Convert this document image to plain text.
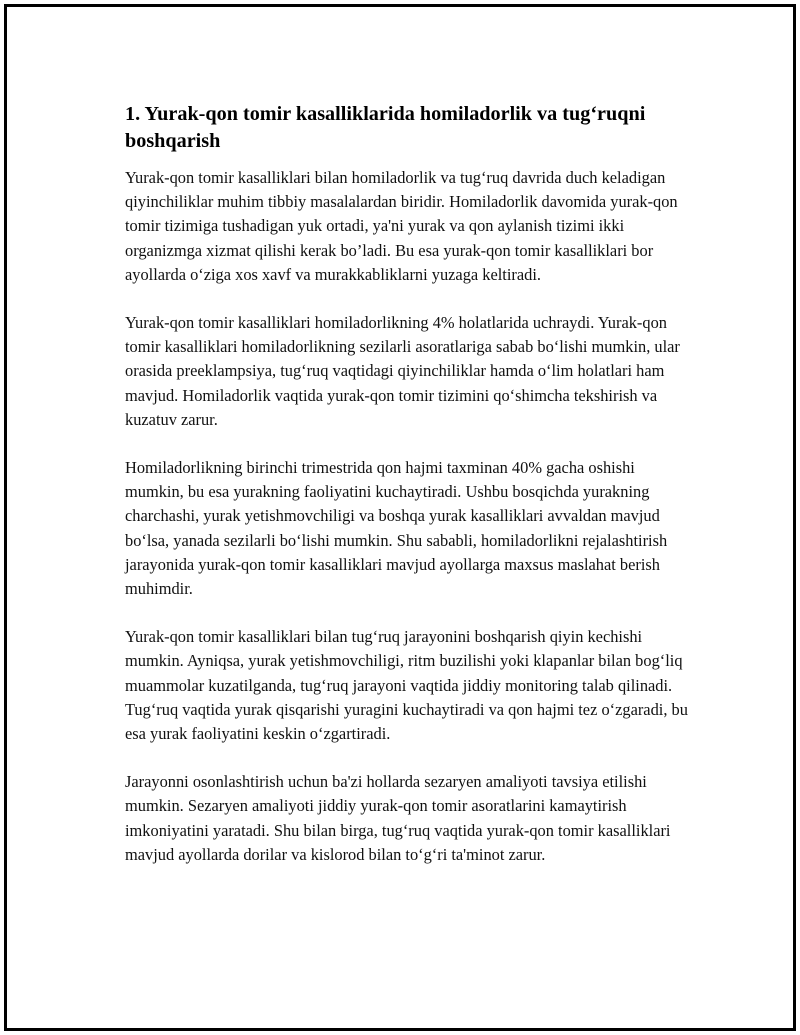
1. Yurak-qon tomir kasalliklarida homiladorlik va tug‘ruqni boshqarish

Yurak-qon tomir kasalliklari bilan homiladorlik va tug‘ruq davrida duch keladigan qiyinchiliklar muhim tibbiy masalalardan biridir. Homiladorlik davomida yurak-qon tomir tizimiga tushadigan yuk ortadi, ya'ni yurak va qon aylanish tizimi ikki organizmga xizmat qilishi kerak bo’ladi. Bu esa yurak-qon tomir kasalliklari bor ayollarda o‘ziga xos xavf va murakkabliklarni yuzaga keltiradi.

Yurak-qon tomir kasalliklari homiladorlikning 4% holatlarida uchraydi. Yurak-qon tomir kasalliklari homiladorlikning sezilarli asoratlariga sabab bo‘lishi mumkin, ular orasida preeklampsiya, tug‘ruq vaqtidagi qiyinchiliklar hamda o‘lim holatlari ham mavjud. Homiladorlik vaqtida yurak-qon tomir tizimini qo‘shimcha tekshirish va kuzatuv zarur.

Homiladorlikning birinchi trimestrida qon hajmi taxminan 40% gacha oshishi mumkin, bu esa yurakning faoliyatini kuchaytiradi. Ushbu bosqichda yurakning charchashi, yurak yetishmovchiligi va boshqa yurak kasalliklari avvaldan mavjud bo‘lsa, yanada sezilarli bo‘lishi mumkin. Shu sababli, homiladorlikni rejalashtirish jarayonida yurak-qon tomir kasalliklari mavjud ayollarga maxsus maslahat berish muhimdir.

Yurak-qon tomir kasalliklari bilan tug‘ruq jarayonini boshqarish qiyin kechishi mumkin. Ayniqsa, yurak yetishmovchiligi, ritm buzilishi yoki klapanlar bilan bog‘liq muammolar kuzatilganda, tug‘ruq jarayoni vaqtida jiddiy monitoring talab qilinadi. Tug‘ruq vaqtida yurak qisqarishi yuragini kuchaytiradi va qon hajmi tez o‘zgaradi, bu esa yurak faoliyatini keskin o‘zgartiradi.

Jarayonni osonlashtirish uchun ba'zi hollarda sezaryen amaliyoti tavsiya etilishi mumkin. Sezaryen amaliyoti jiddiy yurak-qon tomir asoratlarini kamaytirish imkoniyatini yaratadi. Shu bilan birga, tug‘ruq vaqtida yurak-qon tomir kasalliklari mavjud ayollarda dorilar va kislorod bilan to‘g‘ri ta'minot zarur.
